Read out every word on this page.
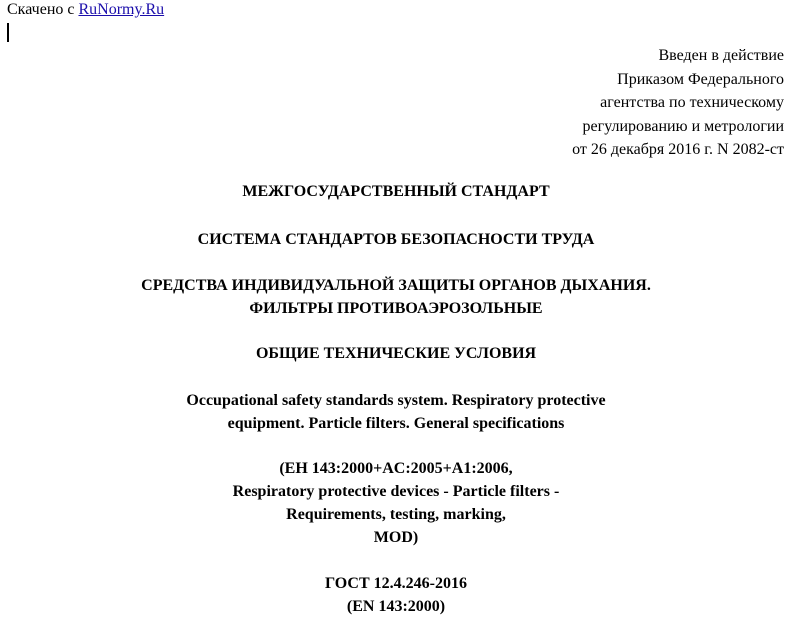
Скачено с RuNormy.Ru
Введен в действие
Приказом Федерального
агентства по техническому
регулированию и метрологии
от 26 декабря 2016 г. N 2082-ст
МЕЖГОСУДАРСТВЕННЫЙ СТАНДАРТ
СИСТЕМА СТАНДАРТОВ БЕЗОПАСНОСТИ ТРУДА
СРЕДСТВА ИНДИВИДУАЛЬНОЙ ЗАЩИТЫ ОРГАНОВ ДЫХАНИЯ.
ФИЛЬТРЫ ПРОТИВОАЭРОЗОЛЬНЫЕ
ОБЩИЕ ТЕХНИЧЕСКИЕ УСЛОВИЯ
Occupational safety standards system. Respiratory protective
equipment. Particle filters. General specifications
(EH 143:2000+AC:2005+A1:2006,
Respiratory protective devices - Particle filters -
Requirements, testing, marking,
MOD)
ГОСТ 12.4.246-2016
(EN 143:2000)
